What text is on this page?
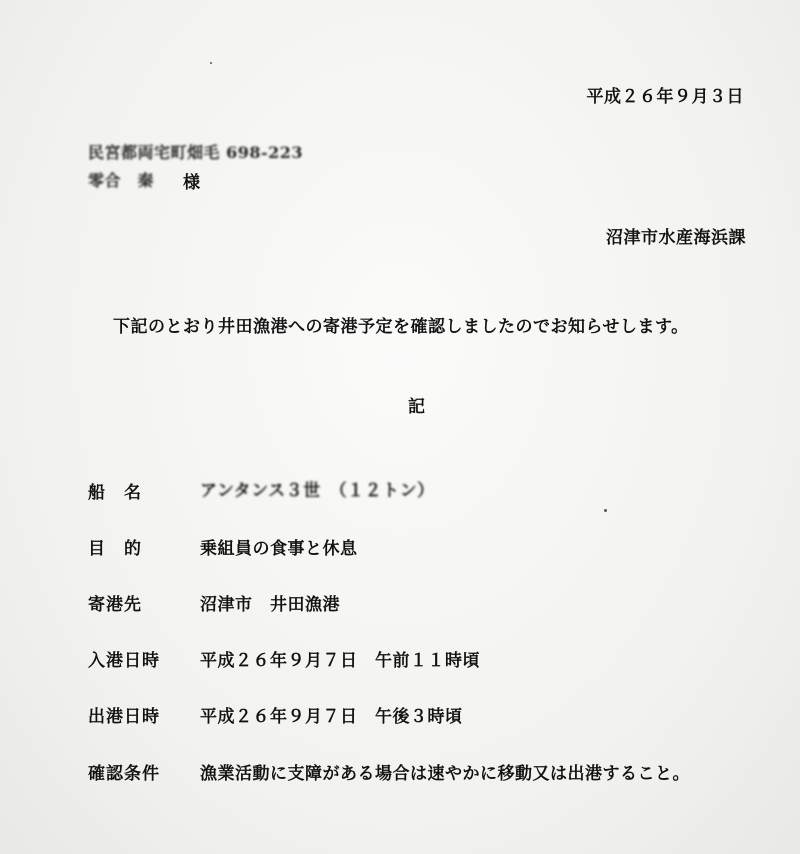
平成２６年９月３日
民宮都両宅町畑毛 698-223
零合　秦 様
沼津市水産海浜課
下記のとおり井田漁港への寄港予定を確認しましたのでお知らせします。
記
船　名	アンタンス３世　（１２トン）
目　的	乗組員の食事と休息
寄港先	沼津市　井田漁港
入港日時 平成２６年９月７日　午前１１時頃
出港日時 平成２６年９月７日　午後３時頃
確認条件 漁業活動に支障がある場合は速やかに移動又は出港すること。
